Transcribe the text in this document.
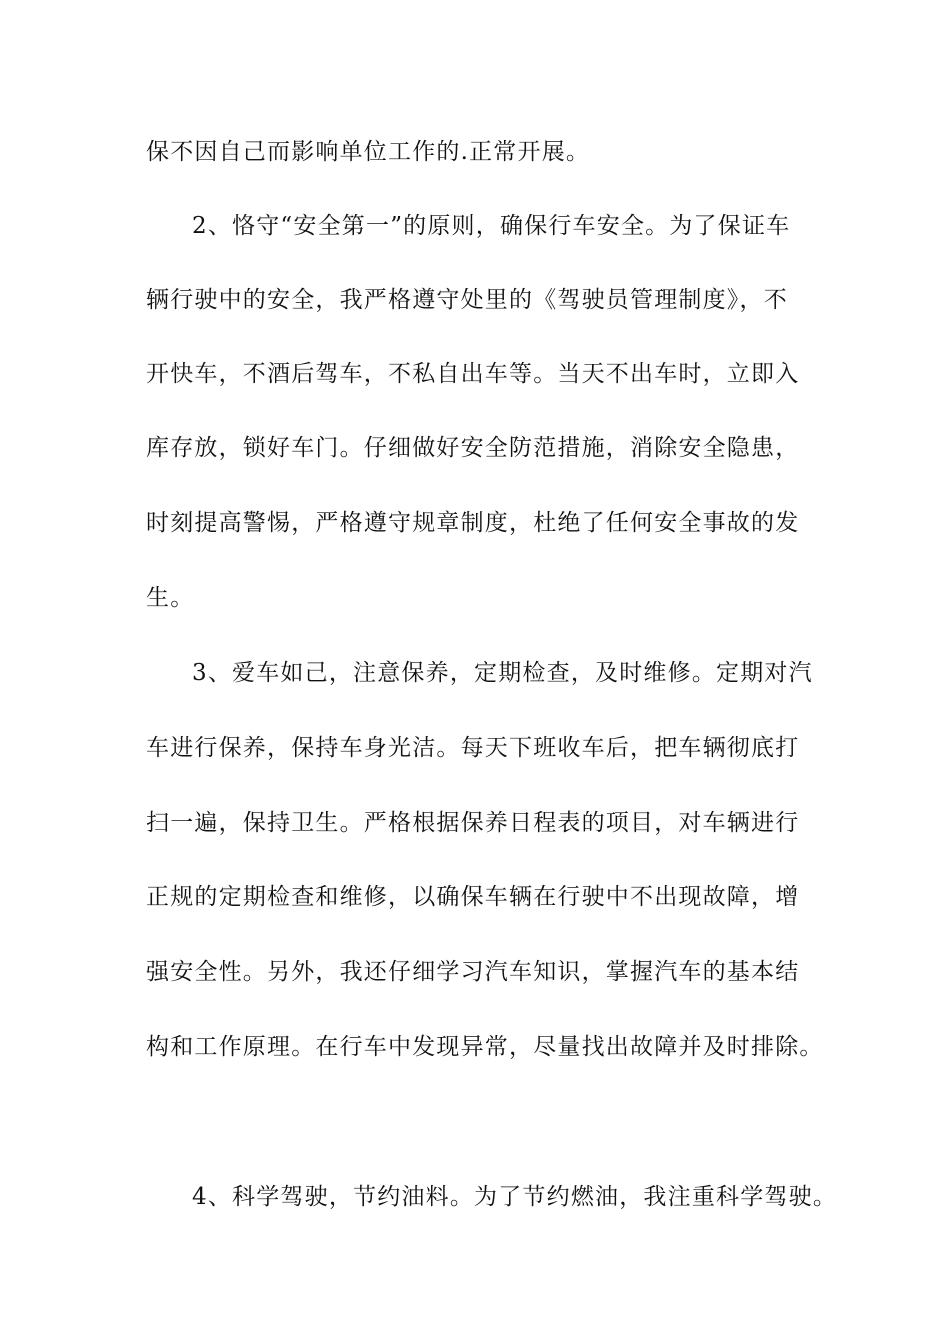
保不因自己而影响单位工作的.正常开展。
2、恪守“安全第一”的原则，确保行车安全。为了保证车
辆行驶中的安全，我严格遵守处里的《驾驶员管理制度》，不
开快车，不酒后驾车，不私自出车等。当天不出车时，立即入
库存放，锁好车门。仔细做好安全防范措施，消除安全隐患，
时刻提高警惕，严格遵守规章制度，杜绝了任何安全事故的发
生。
3、爱车如己，注意保养，定期检查，及时维修。定期对汽
车进行保养，保持车身光洁。每天下班收车后，把车辆彻底打
扫一遍，保持卫生。严格根据保养日程表的项目，对车辆进行
正规的定期检查和维修，以确保车辆在行驶中不出现故障，增
强安全性。另外，我还仔细学习汽车知识，掌握汽车的基本结
构和工作原理。在行车中发现异常，尽量找出故障并及时排除。
4、科学驾驶，节约油料。为了节约燃油，我注重科学驾驶。
